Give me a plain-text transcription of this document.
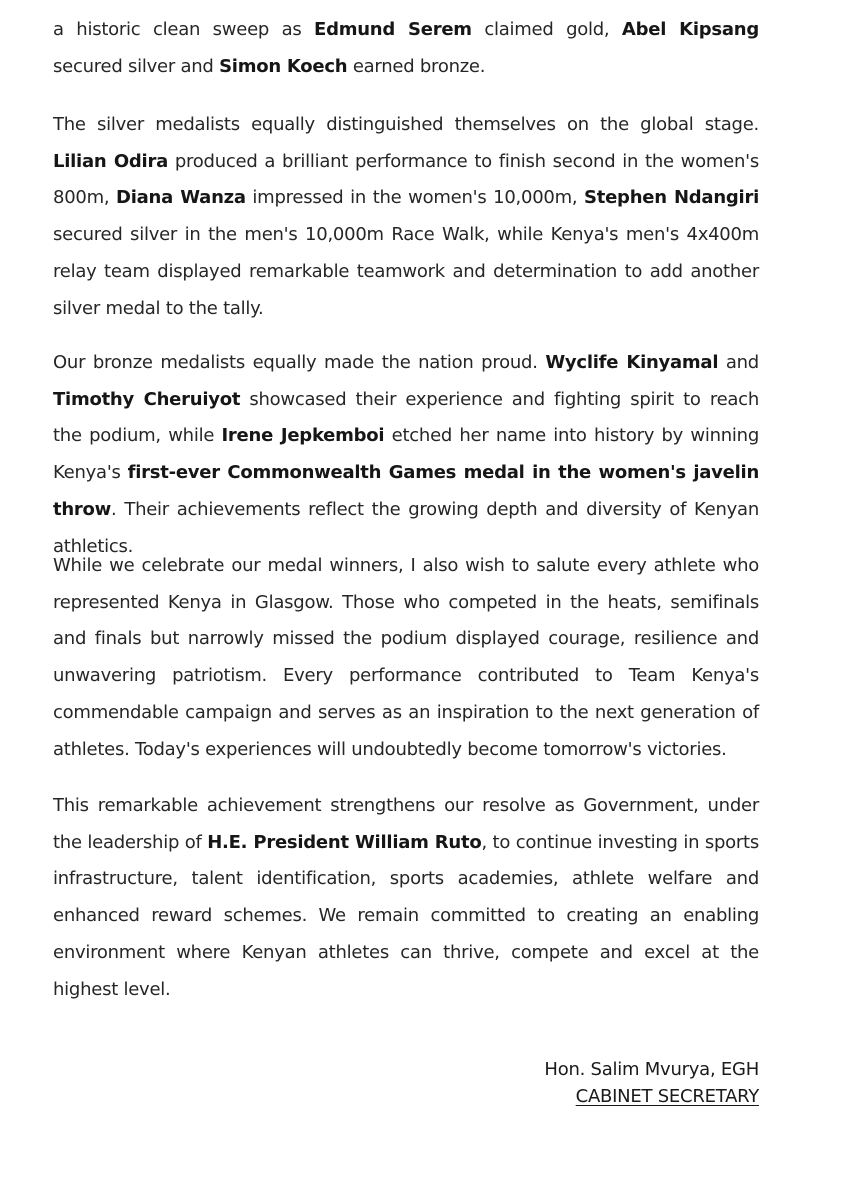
a historic clean sweep as Edmund Serem claimed gold, Abel Kipsang secured silver and Simon Koech earned bronze.

The silver medalists equally distinguished themselves on the global stage. Lilian Odira produced a brilliant performance to finish second in the women's 800m, Diana Wanza impressed in the women's 10,000m, Stephen Ndangiri secured silver in the men's 10,000m Race Walk, while Kenya's men's 4x400m relay team displayed remarkable teamwork and determination to add another silver medal to the tally.

Our bronze medalists equally made the nation proud. Wyclife Kinyamal and Timothy Cheruiyot showcased their experience and fighting spirit to reach the podium, while Irene Jepkemboi etched her name into history by winning Kenya's first-ever Commonwealth Games medal in the women's javelin throw. Their achievements reflect the growing depth and diversity of Kenyan athletics.

While we celebrate our medal winners, I also wish to salute every athlete who represented Kenya in Glasgow. Those who competed in the heats, semifinals and finals but narrowly missed the podium displayed courage, resilience and unwavering patriotism. Every performance contributed to Team Kenya's commendable campaign and serves as an inspiration to the next generation of athletes. Today's experiences will undoubtedly become tomorrow's victories.

This remarkable achievement strengthens our resolve as Government, under the leadership of H.E. President William Ruto, to continue investing in sports infrastructure, talent identification, sports academies, athlete welfare and enhanced reward schemes. We remain committed to creating an enabling environment where Kenyan athletes can thrive, compete and excel at the highest level.

Hon. Salim Mvurya, EGH
CABINET SECRETARY
